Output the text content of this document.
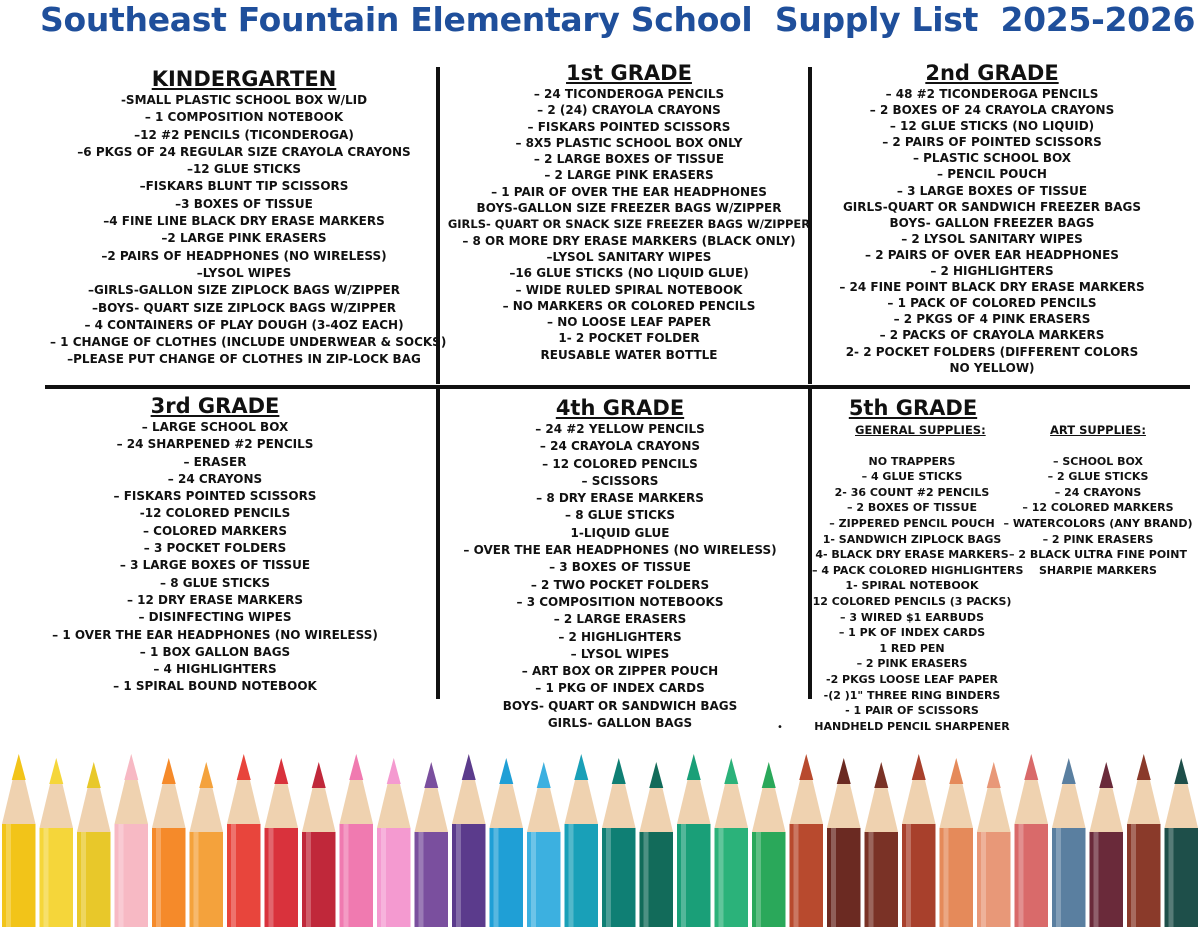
Southeast Fountain Elementary School  Supply List  2025-2026
KINDERGARTEN
-SMALL PLASTIC SCHOOL BOX W/LID
– 1 COMPOSITION NOTEBOOK
–12 #2 PENCILS (TICONDEROGA)
–6 PKGS OF 24 REGULAR SIZE CRAYOLA CRAYONS
–12 GLUE STICKS
–FISKARS BLUNT TIP SCISSORS
–3 BOXES OF TISSUE
–4 FINE LINE BLACK DRY ERASE MARKERS
–2 LARGE PINK ERASERS
–2 PAIRS OF HEADPHONES (NO WIRELESS)
–LYSOL WIPES
–GIRLS-GALLON SIZE ZIPLOCK BAGS W/ZIPPER
–BOYS- QUART SIZE ZIPLOCK BAGS W/ZIPPER
– 4 CONTAINERS OF PLAY DOUGH (3-4OZ EACH)
– 1 CHANGE OF CLOTHES (INCLUDE UNDERWEAR & SOCKS)
–PLEASE PUT CHANGE OF CLOTHES IN ZIP-LOCK BAG
1st GRADE
– 24 TICONDEROGA PENCILS
– 2 (24) CRAYOLA CRAYONS
– FISKARS POINTED SCISSORS
– 8X5 PLASTIC SCHOOL BOX ONLY
– 2 LARGE BOXES OF TISSUE
– 2 LARGE PINK ERASERS
– 1 PAIR OF OVER THE EAR HEADPHONES
BOYS-GALLON SIZE FREEZER BAGS W/ZIPPER
GIRLS- QUART OR SNACK SIZE FREEZER BAGS W/ZIPPER
– 8 OR MORE DRY ERASE MARKERS (BLACK ONLY)
–LYSOL SANITARY WIPES
–16 GLUE STICKS (NO LIQUID GLUE)
– WIDE RULED SPIRAL NOTEBOOK
– NO MARKERS OR COLORED PENCILS
– NO LOOSE LEAF PAPER
1- 2 POCKET FOLDER
REUSABLE WATER BOTTLE
2nd GRADE
– 48 #2 TICONDEROGA PENCILS
– 2 BOXES OF 24 CRAYOLA CRAYONS
– 12 GLUE STICKS (NO LIQUID)
– 2 PAIRS OF POINTED SCISSORS
– PLASTIC SCHOOL BOX
– PENCIL POUCH
– 3 LARGE BOXES OF TISSUE
GIRLS-QUART OR SANDWICH FREEZER BAGS
BOYS- GALLON FREEZER BAGS
– 2 LYSOL SANITARY WIPES
– 2 PAIRS OF OVER EAR HEADPHONES
– 2 HIGHLIGHTERS
– 24 FINE POINT BLACK DRY ERASE MARKERS
– 1 PACK OF COLORED PENCILS
– 2 PKGS OF 4 PINK ERASERS
– 2 PACKS OF CRAYOLA MARKERS
2- 2 POCKET FOLDERS (DIFFERENT COLORS
NO YELLOW)
3rd GRADE
– LARGE SCHOOL BOX
– 24 SHARPENED #2 PENCILS
– ERASER
– 24 CRAYONS
– FISKARS POINTED SCISSORS
-12 COLORED PENCILS
– COLORED MARKERS
– 3 POCKET FOLDERS
– 3 LARGE BOXES OF TISSUE
– 8 GLUE STICKS
– 12 DRY ERASE MARKERS
– DISINFECTING WIPES
– 1 OVER THE EAR HEADPHONES (NO WIRELESS)
– 1 BOX GALLON BAGS
– 4 HIGHLIGHTERS
– 1 SPIRAL BOUND NOTEBOOK
4th GRADE
– 24 #2 YELLOW PENCILS
– 24 CRAYOLA CRAYONS
– 12 COLORED PENCILS
– SCISSORS
– 8 DRY ERASE MARKERS
– 8 GLUE STICKS
1-LIQUID GLUE
– OVER THE EAR HEADPHONES (NO WIRELESS)
– 3 BOXES OF TISSUE
– 2 TWO POCKET FOLDERS
– 3 COMPOSITION NOTEBOOKS
– 2 LARGE ERASERS
– 2 HIGHLIGHTERS
– LYSOL WIPES
– ART BOX OR ZIPPER POUCH
– 1 PKG OF INDEX CARDS
BOYS- QUART OR SANDWICH BAGS
GIRLS- GALLON BAGS
5th GRADE
GENERAL SUPPLIES:
NO TRAPPERS
– 4 GLUE STICKS
2- 36 COUNT #2 PENCILS
– 2 BOXES OF TISSUE
– ZIPPERED PENCIL POUCH
1- SANDWICH ZIPLOCK BAGS
4- BLACK DRY ERASE MARKERS
– 4 PACK COLORED HIGHLIGHTERS
1- SPIRAL NOTEBOOK
12 COLORED PENCILS (3 PACKS)
– 3 WIRED $1 EARBUDS
– 1 PK OF INDEX CARDS
1 RED PEN
– 2 PINK ERASERS
-2 PKGS LOOSE LEAF PAPER
-(2 )1" THREE RING BINDERS
- 1 PAIR OF SCISSORS
HANDHELD PENCIL SHARPENER
ART SUPPLIES:
– SCHOOL BOX
– 2 GLUE STICKS
– 24 CRAYONS
– 12 COLORED MARKERS
– WATERCOLORS (ANY BRAND)
– 2 PINK ERASERS
– 2 BLACK ULTRA FINE POINT
SHARPIE MARKERS
•
